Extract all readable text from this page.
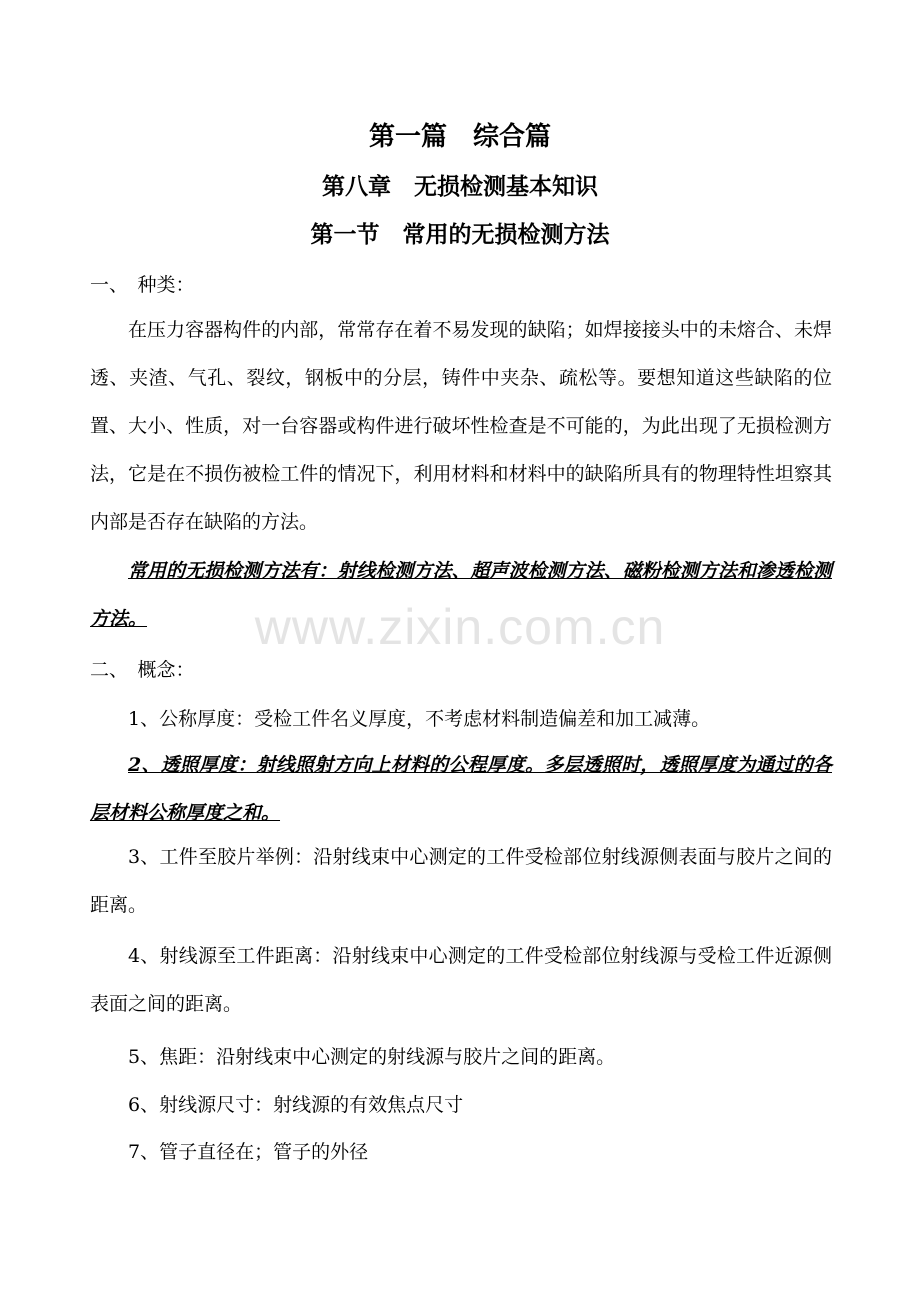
www.zixin.com.cn
第一篇　综合篇
第八章　无损检测基本知识
第一节　常用的无损检测方法
一、　种类：

在压力容器构件的内部，常常存在着不易发现的缺陷；如焊接接头中的未熔合、未焊透、夹渣、气孔、裂纹，钢板中的分层，铸件中夹杂、疏松等。要想知道这些缺陷的位置、大小、性质，对一台容器或构件进行破坏性检查是不可能的，为此出现了无损检测方法，它是在不损伤被检工件的情况下，利用材料和材料中的缺陷所具有的物理特性坦察其内部是否存在缺陷的方法。

常用的无损检测方法有：射线检测方法、超声波检测方法、磁粉检测方法和渗透检测方法。

二、　概念：

1、公称厚度：受检工件名义厚度，不考虑材料制造偏差和加工减薄。

2、透照厚度：射线照射方向上材料的公程厚度。多层透照时，透照厚度为通过的各层材料公称厚度之和。

3、工件至胶片举例：沿射线束中心测定的工件受检部位射线源侧表面与胶片之间的距离。

4、射线源至工件距离：沿射线束中心测定的工件受检部位射线源与受检工件近源侧表面之间的距离。

5、焦距：沿射线束中心测定的射线源与胶片之间的距离。

6、射线源尺寸：射线源的有效焦点尺寸

7、管子直径在；管子的外径
